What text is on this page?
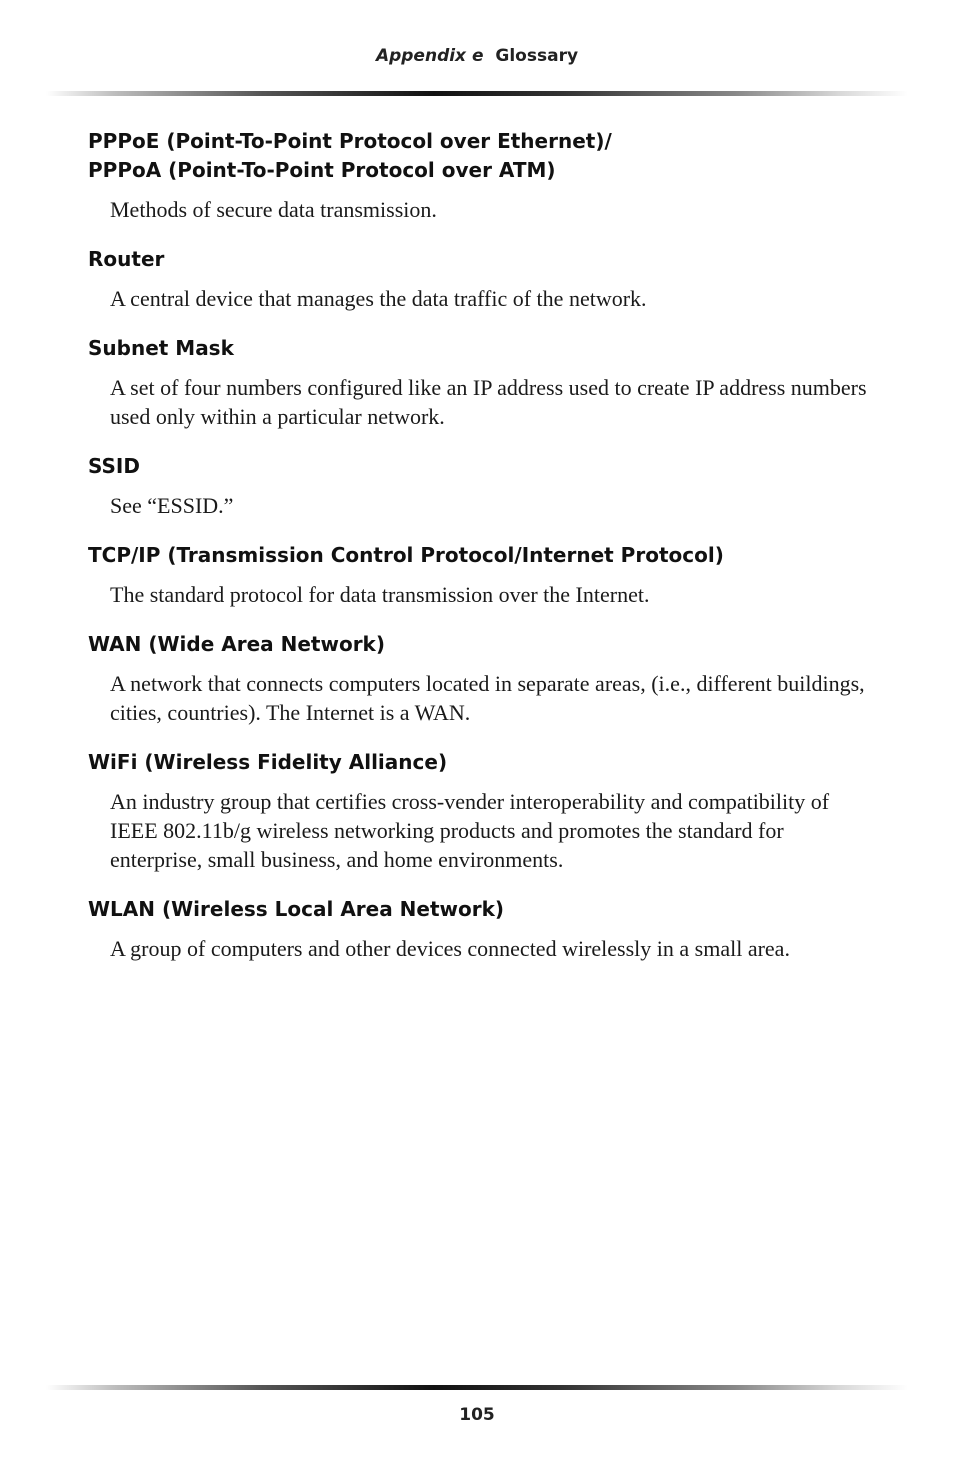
Appendix e Glossary
PPPoE (Point-To-Point Protocol over Ethernet)/
PPPoA (Point-To-Point Protocol over ATM)

Methods of secure data transmission.

Router

A central device that manages the data traffic of the network.

Subnet Mask

A set of four numbers configured like an IP address used to create IP address numbers used only within a particular network.

SSID

See “ESSID.”

TCP/IP (Transmission Control Protocol/Internet Protocol)

The standard protocol for data transmission over the Internet.

WAN (Wide Area Network)

A network that connects computers located in separate areas, (i.e., different buildings, cities, countries). The Internet is a WAN.

WiFi (Wireless Fidelity Alliance)

An industry group that certifies cross-vender interoperability and compatibility of IEEE 802.11b/g wireless networking products and promotes the standard for enterprise, small business, and home environments.

WLAN (Wireless Local Area Network)

A group of computers and other devices connected wirelessly in a small area.

105
